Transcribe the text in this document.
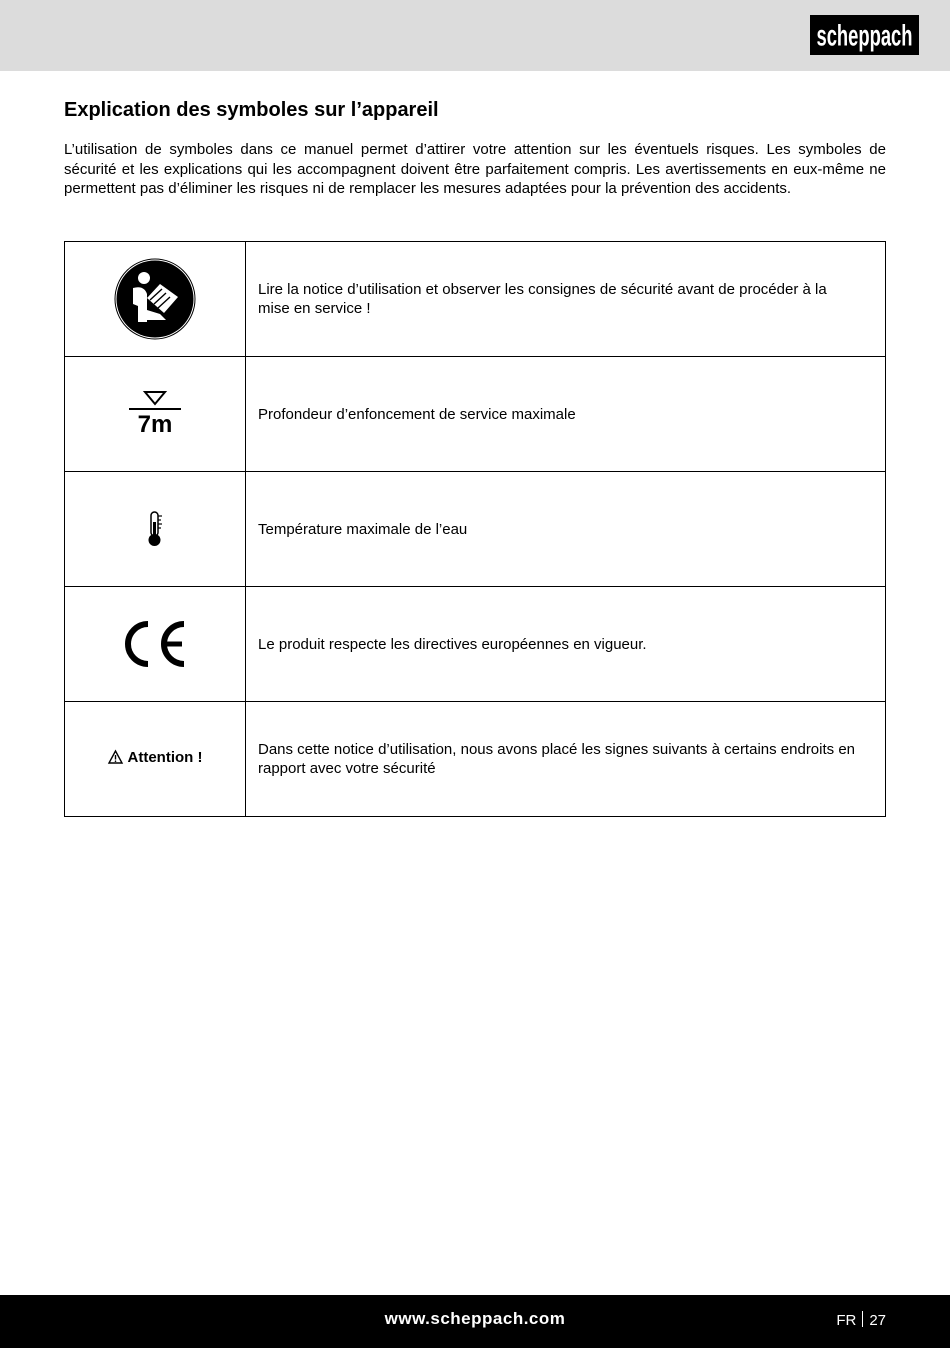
scheppach
Explication des symboles sur l’appareil

L’utilisation de symboles dans ce manuel permet d’attirer votre attention sur les éventuels risques. Les symboles de sécurité et les explications qui les accompagnent doivent être parfaitement compris. Les avertissements en eux-même ne permettent pas d’éliminer les risques ni de remplacer les mesures adaptées pour la prévention des accidents.

	Lire la notice d’utilisation et observer les consignes de sécurité avant de procéder à la mise en service !

7m	Profondeur d’enfoncement de service maximale
	Température maximale de l’eau
	Le produit respecte les directives européennes en vigueur.

Attention !	Dans cette notice d’utilisation, nous avons placé les signes suivants à certains endroits en rapport avec votre sécurité
www.scheppach.com	FR 27
